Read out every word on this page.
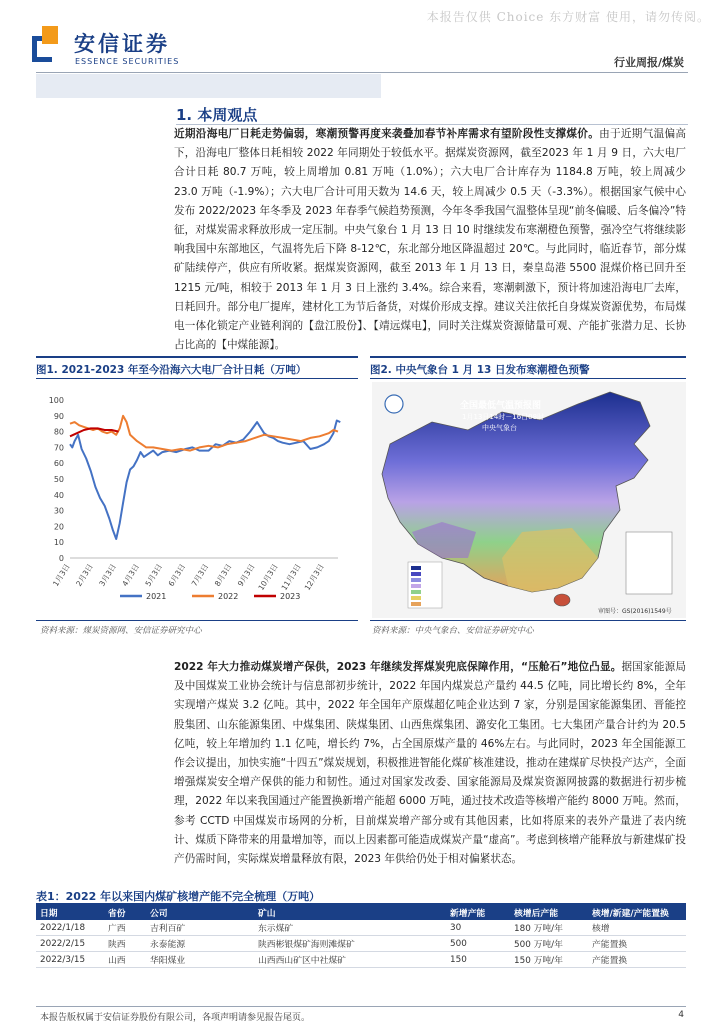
本报告仅供 Choice 东方财富 使用，请勿传阅。
安信证券
ESSENCE SECURITIES	行业周报/煤炭
1. 本周观点
近期沿海电厂日耗走势偏弱，寒潮预警再度来袭叠加春节补库需求有望阶段性支撑煤价。由于近期气温偏高下，沿海电厂整体日耗相较 2022 年同期处于较低水平。据煤炭资源网，截至2023 年 1 月 9 日，六大电厂合计日耗 80.7 万吨，较上周增加 0.81 万吨（1.0%）；六大电厂合计库存为 1184.8 万吨，较上周减少 23.0 万吨（-1.9%）；六大电厂合计可用天数为 14.6 天，较上周减少 0.5 天（-3.3%）。根据国家气候中心发布 2022/2023 年冬季及 2023 年春季气候趋势预测，今年冬季我国气温整体呈现“前冬偏暖、后冬偏冷”特征，对煤炭需求释放形成一定压制。中央气象台 1 月 13 日 10 时继续发布寒潮橙色预警，强冷空气将继续影响我国中东部地区，气温将先后下降 8-12℃，东北部分地区降温超过 20℃。与此同时，临近春节，部分煤矿陆续停产，供应有所收紧。据煤炭资源网，截至 2013 年 1 月 13 日，秦皇岛港 5500 混煤价格已回升至 1215 元/吨，相较于 2013 年 1 月 3 日上涨约 3.4%。综合来看，寒潮刺激下，预计将加速沿海电厂去库，日耗回升。部分电厂提库，建材化工为节后备货，对煤价形成支撑。建议关注依托自身煤炭资源优势，布局煤电一体化锁定产业链利润的【盘江股份】、【靖远煤电】，同时关注煤炭资源储量可观、产能扩张潜力足、长协占比高的【中煤能源】。
图1. 2021-2023 年至今沿海六大电厂合计日耗（万吨）
0
10
20
30
40
50
60
70
80
90
100
1月3日 2月3日 3月3日 4月3日 5月3日 6月3日 7月3日 8月3日 9月3日 10月3日 11月3日 12月3日
2021	2022	2023
资料来源：煤炭资源网、安信证券研究中心
图2. 中央气象台 1 月 13 日发布寒潮橙色预警
全国最低气温预报图
1月13日14时－16日08时
中央气象台
审图号：GS(2016)1549号
资料来源：中央气象台、安信证券研究中心
2022 年大力推动煤炭增产保供，2023 年继续发挥煤炭兜底保障作用，“压舱石”地位凸显。据国家能源局及中国煤炭工业协会统计与信息部初步统计，2022 年国内煤炭总产量约 44.5 亿吨，同比增长约 8%，全年实现增产煤炭 3.2 亿吨。其中，2022 年全国年产原煤超亿吨企业达到 7 家，分别是国家能源集团、晋能控股集团、山东能源集团、中煤集团、陕煤集团、山西焦煤集团、潞安化工集团。七大集团产量合计约为 20.5 亿吨，较上年增加约 1.1 亿吨，增长约 7%，占全国原煤产量的 46%左右。与此同时，2023 年全国能源工作会议提出，加快实施“十四五”煤炭规划，积极推进智能化煤矿核准建设，推动在建煤矿尽快投产达产，全面增强煤炭安全增产保供的能力和韧性。通过对国家发改委、国家能源局及煤炭资源网披露的数据进行初步梳理，2022 年以来我国通过产能置换新增产能超 6000 万吨，通过技术改造等核增产能约 8000 万吨。然而，参考 CCTD 中国煤炭市场网的分析，目前煤炭增产部分或有其他因素，比如将原来的表外产量进了表内统计、煤质下降带来的用量增加等，而以上因素都可能造成煤炭产量“虚高”。考虑到核增产能释放与新建煤矿投产仍需时间，实际煤炭增量释放有限，2023 年供给仍处于相对偏紧状态。
表1：2022 年以来国内煤矿核增产能不完全梳理（万吨）
日期	省份	公司	矿山	新增产能	核增后产能	核增/新建/产能置换
2022/1/18	广西	吉利百矿	东示煤矿	30	180 万吨/年	核增
2022/2/15	陕西	永泰能源	陕西彬银煤矿海则滩煤矿	500	500 万吨/年	产能置换
2022/3/15	山西	华阳煤业	山西西山矿区中社煤矿	150	150 万吨/年	产能置换
本报告版权属于安信证券股份有限公司，各项声明请参见报告尾页。	4
